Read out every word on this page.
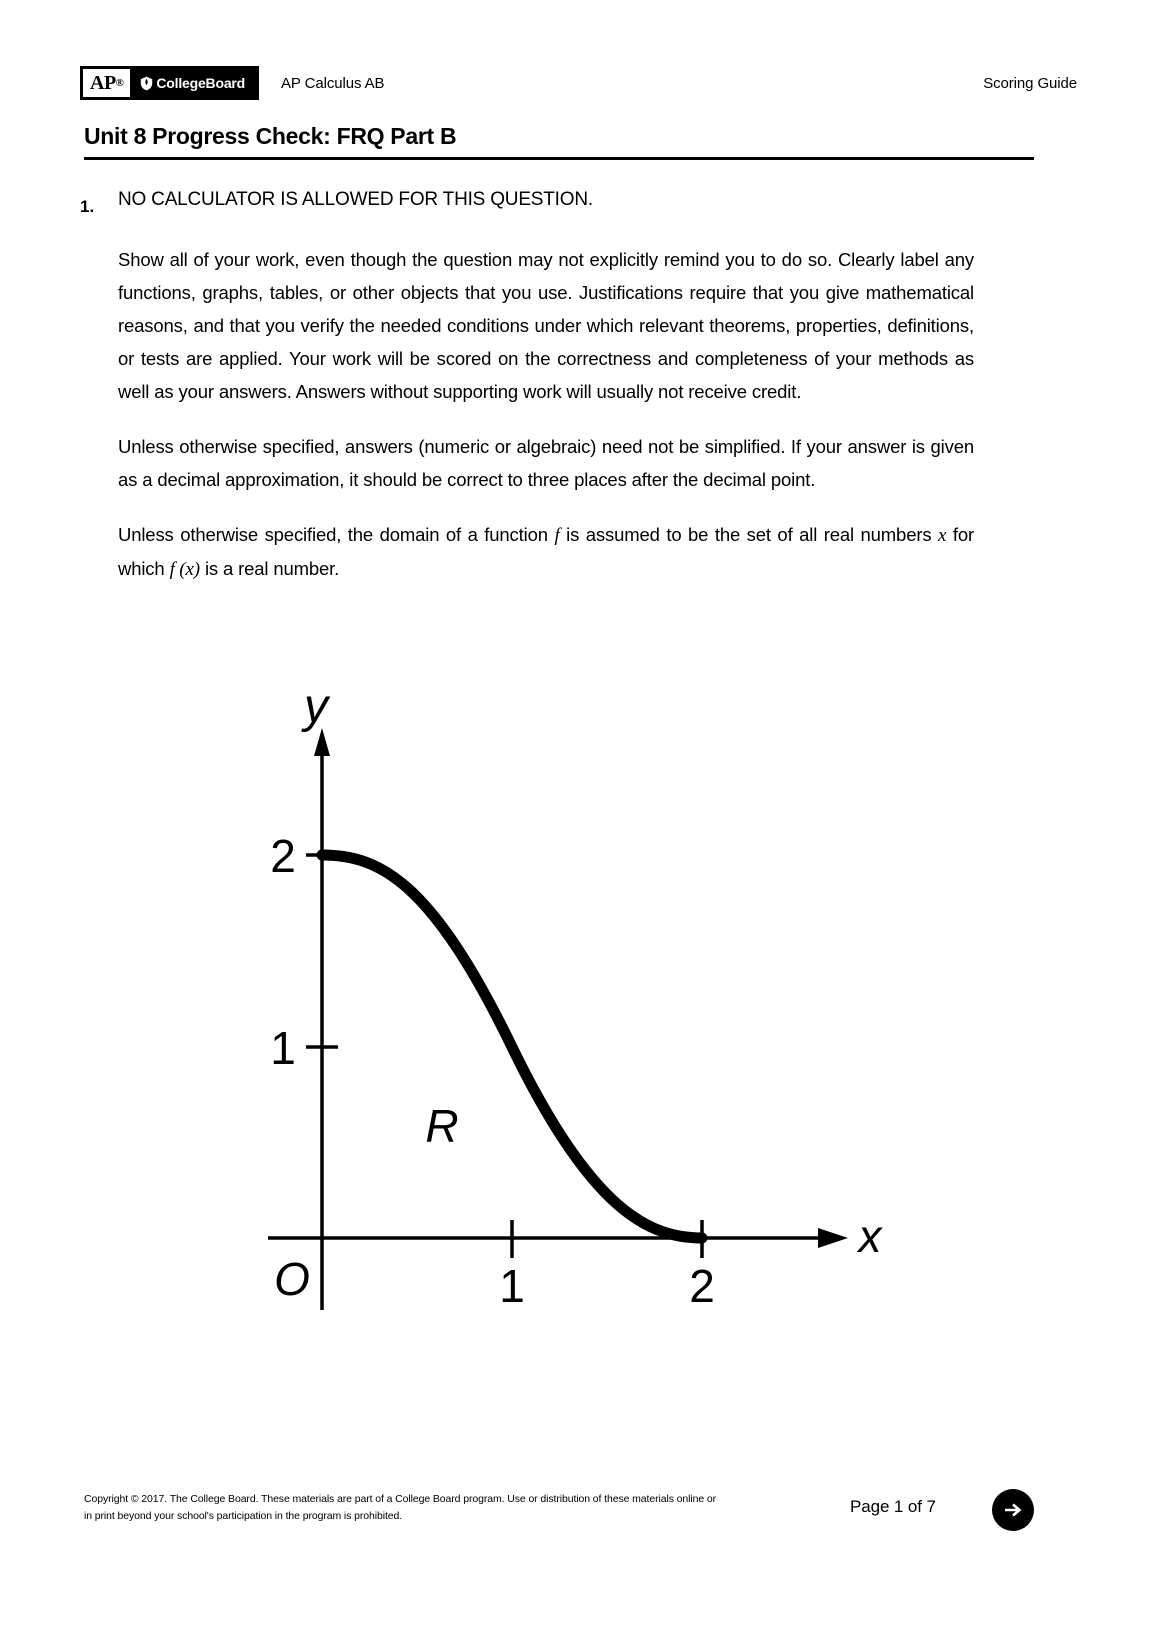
AP ® CollegeBoard AP Calculus AB	Scoring Guide
Unit 8 Progress Check: FRQ Part B
1. NO CALCULATOR IS ALLOWED FOR THIS QUESTION.

Show all of your work, even though the question may not explicitly remind you to do so. Clearly label any functions, graphs, tables, or other objects that you use. Justifications require that you give mathematical reasons, and that you verify the needed conditions under which relevant theorems, properties, definitions, or tests are applied. Your work will be scored on the correctness and completeness of your methods as well as your answers. Answers without supporting work will usually not receive credit.

Unless otherwise specified, answers (numeric or algebraic) need not be simplified. If your answer is given as a decimal approximation, it should be correct to three places after the decimal point.

Unless otherwise specified, the domain of a function f is assumed to be the set of all real numbers x for which f (x) is a real number.

y
x
O
R
2
1
1	2
Copyright © 2017. The College Board. These materials are part of a College Board program. Use or distribution of these materials online or
in print beyond your school's participation in the program is prohibited.	Page 1 of 7
